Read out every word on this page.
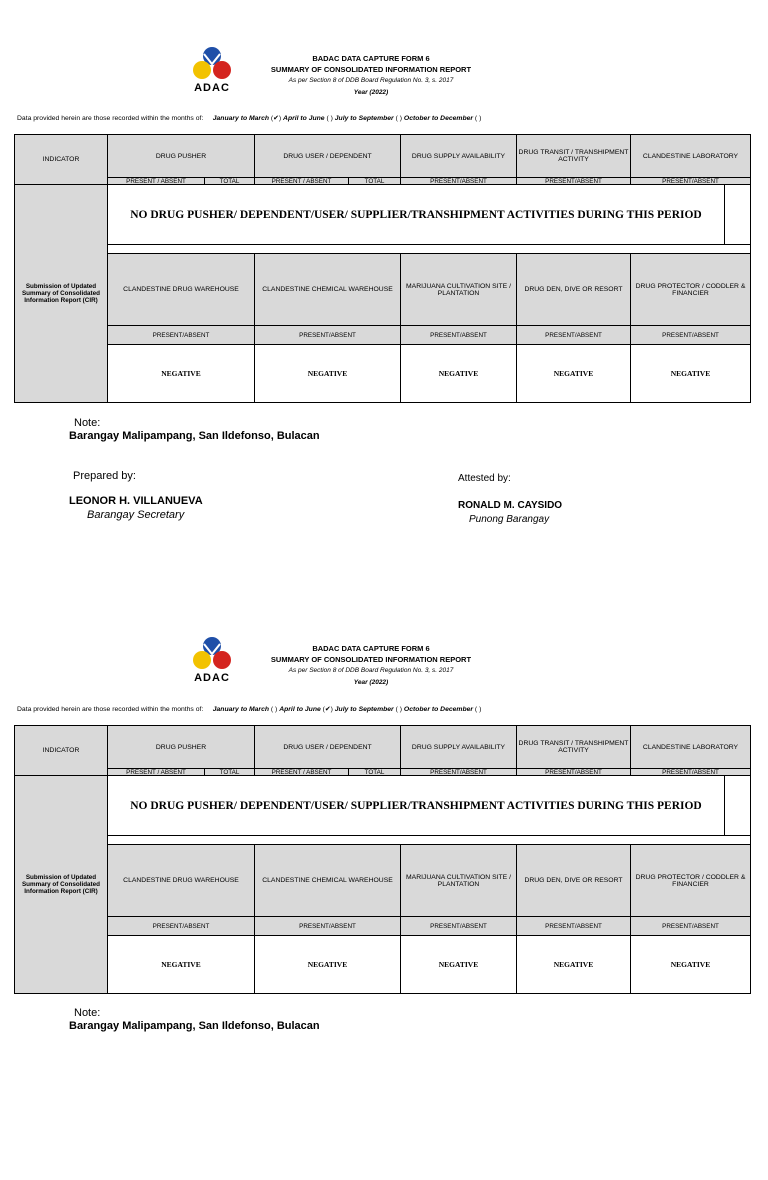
ADAC
BADAC DATA CAPTURE FORM 6
SUMMARY OF CONSOLIDATED INFORMATION REPORT
As per Section 8 of DDB Board Regulation No. 3, s. 2017
Year (2022)
Data provided herein are those recorded within the months of: January to March (✔) April to June ( ) July to September ( ) October to December ( )
INDICATOR
Submission of Updated Summary of Consolidated Information Report (CIR)
DRUG PUSHER	DRUG USER / DEPENDENT	DRUG SUPPLY AVAILABILITY	DRUG TRANSIT / TRANSHIPMENT ACTIVITY	CLANDESTINE LABORATORY
PRESENT / ABSENT	TOTAL	PRESENT / ABSENT	TOTAL	PRESENT/ABSENT	PRESENT/ABSENT	PRESENT/ABSENT
NO DRUG PUSHER/ DEPENDENT/USER/ SUPPLIER/TRANSHIPMENT ACTIVITIES DURING THIS PERIOD
CLANDESTINE DRUG WAREHOUSE	CLANDESTINE CHEMICAL WAREHOUSE	MARIJUANA CULTIVATION SITE / PLANTATION	DRUG DEN, DIVE OR RESORT	DRUG PROTECTOR / CODDLER & FINANCIER
PRESENT/ABSENT	PRESENT/ABSENT	PRESENT/ABSENT	PRESENT/ABSENT	PRESENT/ABSENT
NEGATIVE	NEGATIVE	NEGATIVE	NEGATIVE	NEGATIVE
Note:
Barangay Malipampang, San Ildefonso, Bulacan
Prepared by:
LEONOR H. VILLANUEVA
Barangay Secretary
Attested by:
RONALD M. CAYSIDO
Punong Barangay
ADAC
BADAC DATA CAPTURE FORM 6
SUMMARY OF CONSOLIDATED INFORMATION REPORT
As per Section 8 of DDB Board Regulation No. 3, s. 2017
Year (2022)
Data provided herein are those recorded within the months of: January to March ( ) April to June (✔) July to September ( ) October to December ( )
INDICATOR
Submission of Updated Summary of Consolidated Information Report (CIR)
DRUG PUSHER	DRUG USER / DEPENDENT	DRUG SUPPLY AVAILABILITY	DRUG TRANSIT / TRANSHIPMENT ACTIVITY	CLANDESTINE LABORATORY
PRESENT / ABSENT	TOTAL	PRESENT / ABSENT	TOTAL	PRESENT/ABSENT	PRESENT/ABSENT	PRESENT/ABSENT
NO DRUG PUSHER/ DEPENDENT/USER/ SUPPLIER/TRANSHIPMENT ACTIVITIES DURING THIS PERIOD
CLANDESTINE DRUG WAREHOUSE	CLANDESTINE CHEMICAL WAREHOUSE	MARIJUANA CULTIVATION SITE / PLANTATION	DRUG DEN, DIVE OR RESORT	DRUG PROTECTOR / CODDLER & FINANCIER
PRESENT/ABSENT	PRESENT/ABSENT	PRESENT/ABSENT	PRESENT/ABSENT	PRESENT/ABSENT
NEGATIVE	NEGATIVE	NEGATIVE	NEGATIVE	NEGATIVE
Note:
Barangay Malipampang, San Ildefonso, Bulacan
